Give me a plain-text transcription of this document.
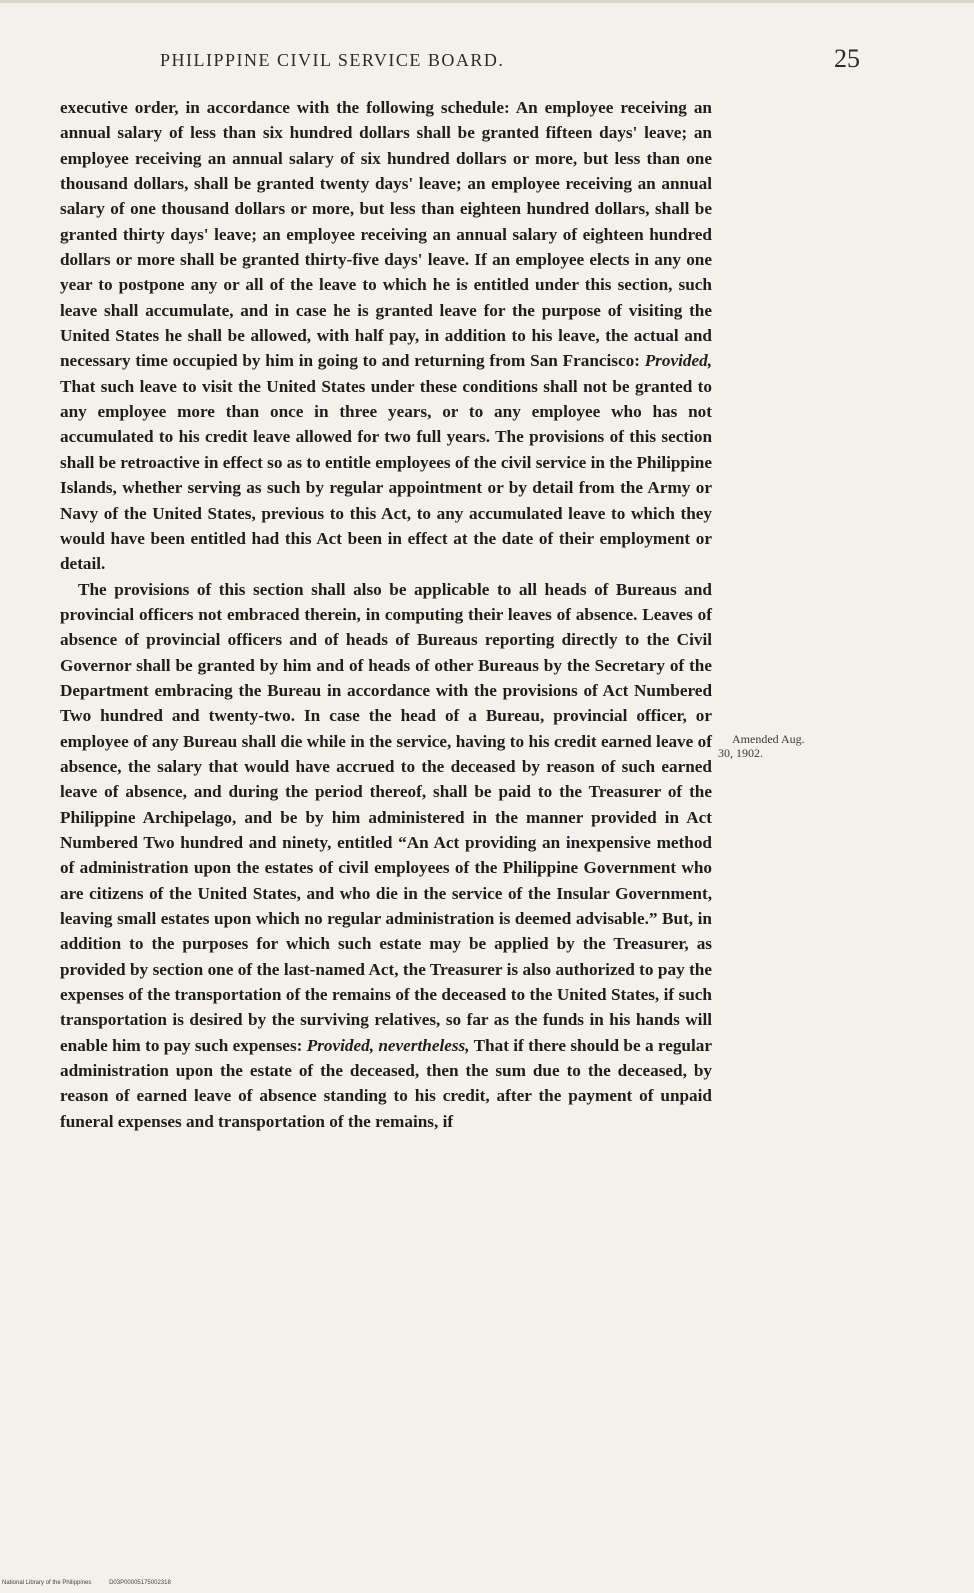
PHILIPPINE CIVIL SERVICE BOARD.	25

executive order, in accordance with the following schedule: An employee receiving an annual salary of less than six hundred dollars shall be granted fifteen days' leave; an employee receiving an annual salary of six hundred dollars or more, but less than one thousand dollars, shall be granted twenty days' leave; an employee receiving an annual salary of one thousand dollars or more, but less than eighteen hundred dollars, shall be granted thirty days' leave; an employee receiving an annual salary of eighteen hundred dollars or more shall be granted thirty-five days' leave. If an employee elects in any one year to postpone any or all of the leave to which he is entitled under this section, such leave shall accumulate, and in case he is granted leave for the purpose of visiting the United States he shall be allowed, with half pay, in addition to his leave, the actual and necessary time occupied by him in going to and returning from San Francisco: Provided, That such leave to visit the United States under these conditions shall not be granted to any employee more than once in three years, or to any employee who has not accumulated to his credit leave allowed for two full years. The provisions of this section shall be retroactive in effect so as to entitle employees of the civil service in the Philippine Islands, whether serving as such by regular appointment or by detail from the Army or Navy of the United States, previous to this Act, to any accumulated leave to which they would have been entitled had this Act been in effect at the date of their employment or detail.

The provisions of this section shall also be applicable to all heads of Bureaus and provincial officers not embraced therein, in computing their leaves of absence. Leaves of absence of provincial officers and of heads of Bureaus reporting directly to the Civil Governor shall be granted by him and of heads of other Bureaus by the Secretary of the Department embracing the Bureau in accordance with the provisions of Act Numbered Two hundred and twenty-two. In case the head of a Bureau, provincial officer, or employee of any Bureau shall die while in the service, having to his credit earned leave of absence, the salary that would have accrued to the deceased by reason of such earned leave of absence, and during the period thereof, shall be paid to the Treasurer of the Philippine Archipelago, and be by him administered in the manner provided in Act Numbered Two hundred and ninety, entitled “An Act providing an inexpensive method of administration upon the estates of civil employees of the Philippine Government who are citizens of the United States, and who die in the service of the Insular Government, leaving small estates upon which no regular administration is deemed advisable.” But, in addition to the purposes for which such estate may be applied by the Treasurer, as provided by section one of the last-named Act, the Treasurer is also authorized to pay the expenses of the transportation of the remains of the deceased to the United States, if such transportation is desired by the surviving relatives, so far as the funds in his hands will enable him to pay such expenses: Provided, nevertheless, That if there should be a regular administration upon the estate of the deceased, then the sum due to the deceased, by reason of earned leave of absence standing to his credit, after the payment of unpaid funeral expenses and transportation of the remains, if

Amended Aug.

30, 1902.
National Library of the Philippines	D03P00005175002318
